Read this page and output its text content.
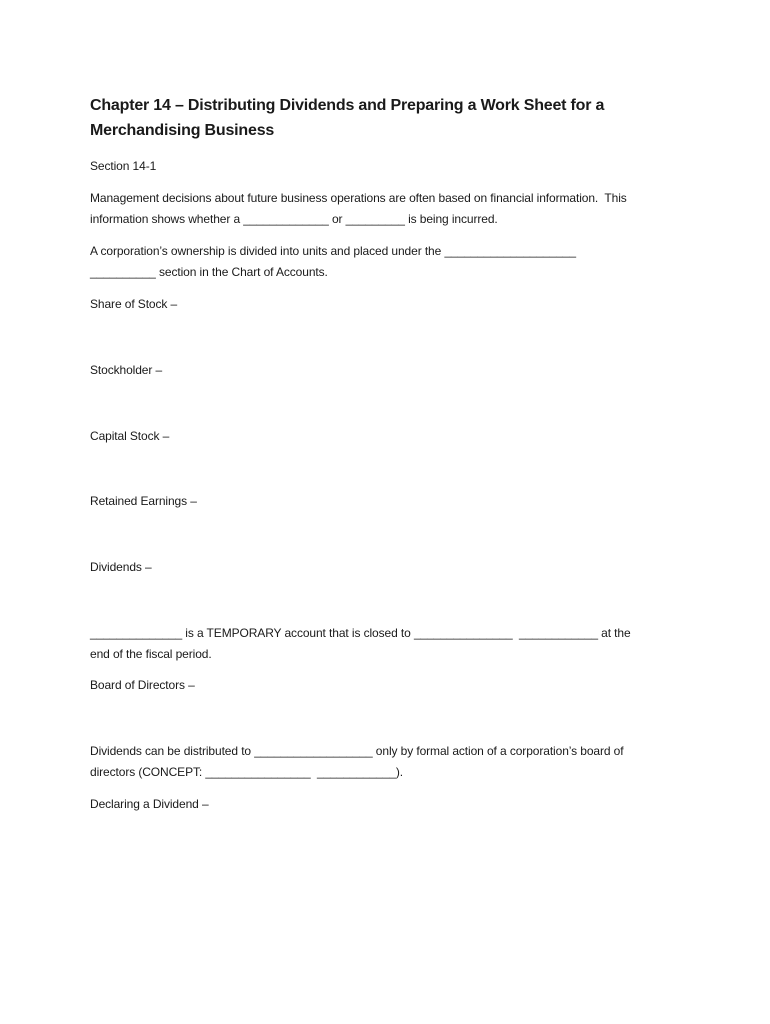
Chapter 14 – Distributing Dividends and Preparing a Work Sheet for a
Merchandising Business
Section 14-1
Management decisions about future business operations are often based on financial information.  This
information shows whether a _____________ or _________ is being incurred.
A corporation’s ownership is divided into units and placed under the ____________________
__________ section in the Chart of Accounts.
Share of Stock –
Stockholder –
Capital Stock –
Retained Earnings –
Dividends –
______________ is a TEMPORARY account that is closed to _______________  ____________ at the
end of the fiscal period.
Board of Directors –
Dividends can be distributed to __________________ only by formal action of a corporation’s board of
directors (CONCEPT: ________________  ____________).
Declaring a Dividend –
